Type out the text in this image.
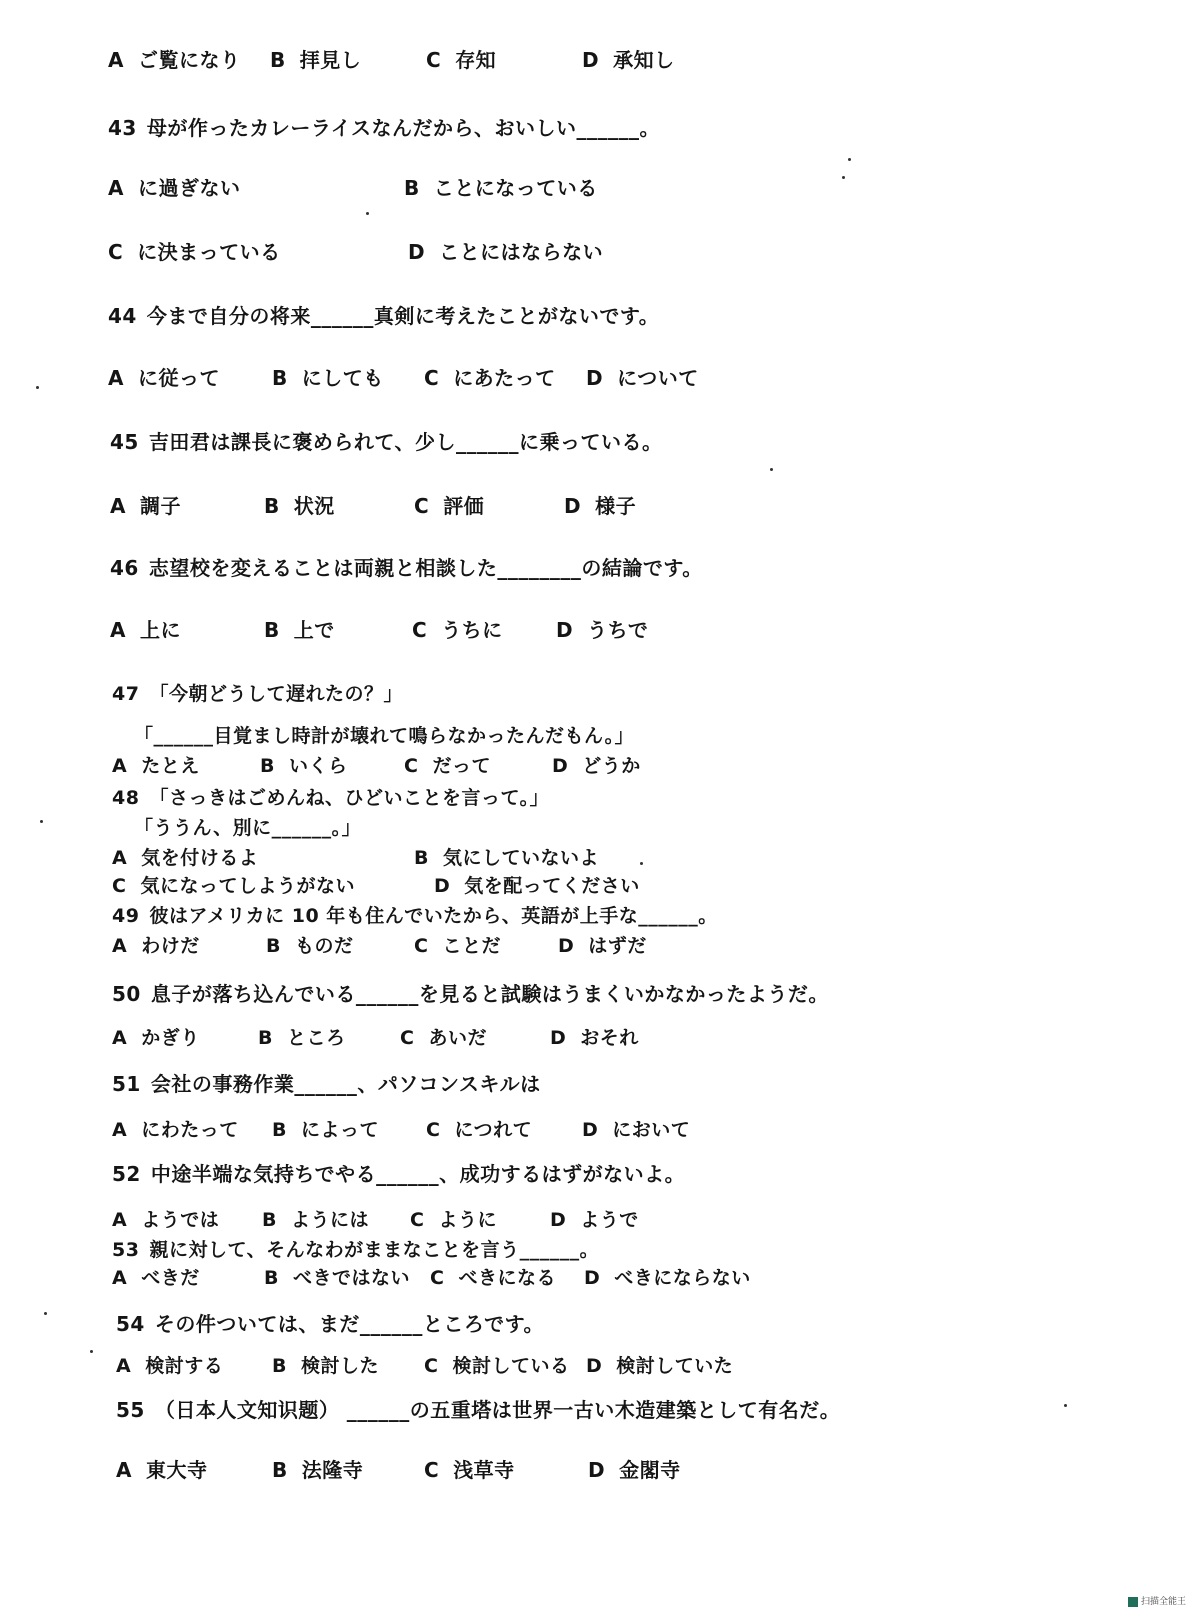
A ご覧になり B 拝見し	C 存知	D 承知し
43 母が作ったカレーライスなんだから、おいしい______。
A に過ぎない	B ことになっている
C に決まっている	D ことにはならない
44 今まで自分の将来______真剣に考えたことがないです。
A に従って	B にしても C にあたって D について
45 吉田君は課長に褒められて、少し______に乗っている。
A 調子	B 状況	C 評価	D 様子
46 志望校を変えることは両親と相談した________の結論です。
A 上に	B 上で	C うちに	D うちで
47 「今朝どうして遅れたの？」
「______目覚まし時計が壊れて鳴らなかったんだもん。」
A たとえ	B いくら	C だって	D どうか
48 「さっきはごめんね、ひどいことを言って。」
「ううん、別に______。」
A 気を付けるよ	B 気にしていないよ
C 気になってしようがない	D 気を配ってください
49 彼はアメリカに 10 年も住んでいたから、英語が上手な______。
A わけだ	B ものだ	C ことだ	D はずだ
50 息子が落ち込んでいる______を見ると試験はうまくいかなかったようだ。
A かぎり	B ところ	C あいだ	D おそれ
51 会社の事務作業______、パソコンスキルは
A にわたって B によって C につれて	D において
52 中途半端な気持ちでやる______、成功するはずがないよ。
A ようでは B ようには C ように	D ようで
53 親に対して、そんなわがままなことを言う______。
A べきだ	B べきではない C べきになる D べきにならない
54 その件ついては、まだ______ところです。
A 検討する	B 検討した C 検討している D 検討していた
55 （日本人文知识题） ______の五重塔は世界一古い木造建築として有名だ。
A 東大寺	B 法隆寺	C 浅草寺	D 金閣寺
扫描全能王
